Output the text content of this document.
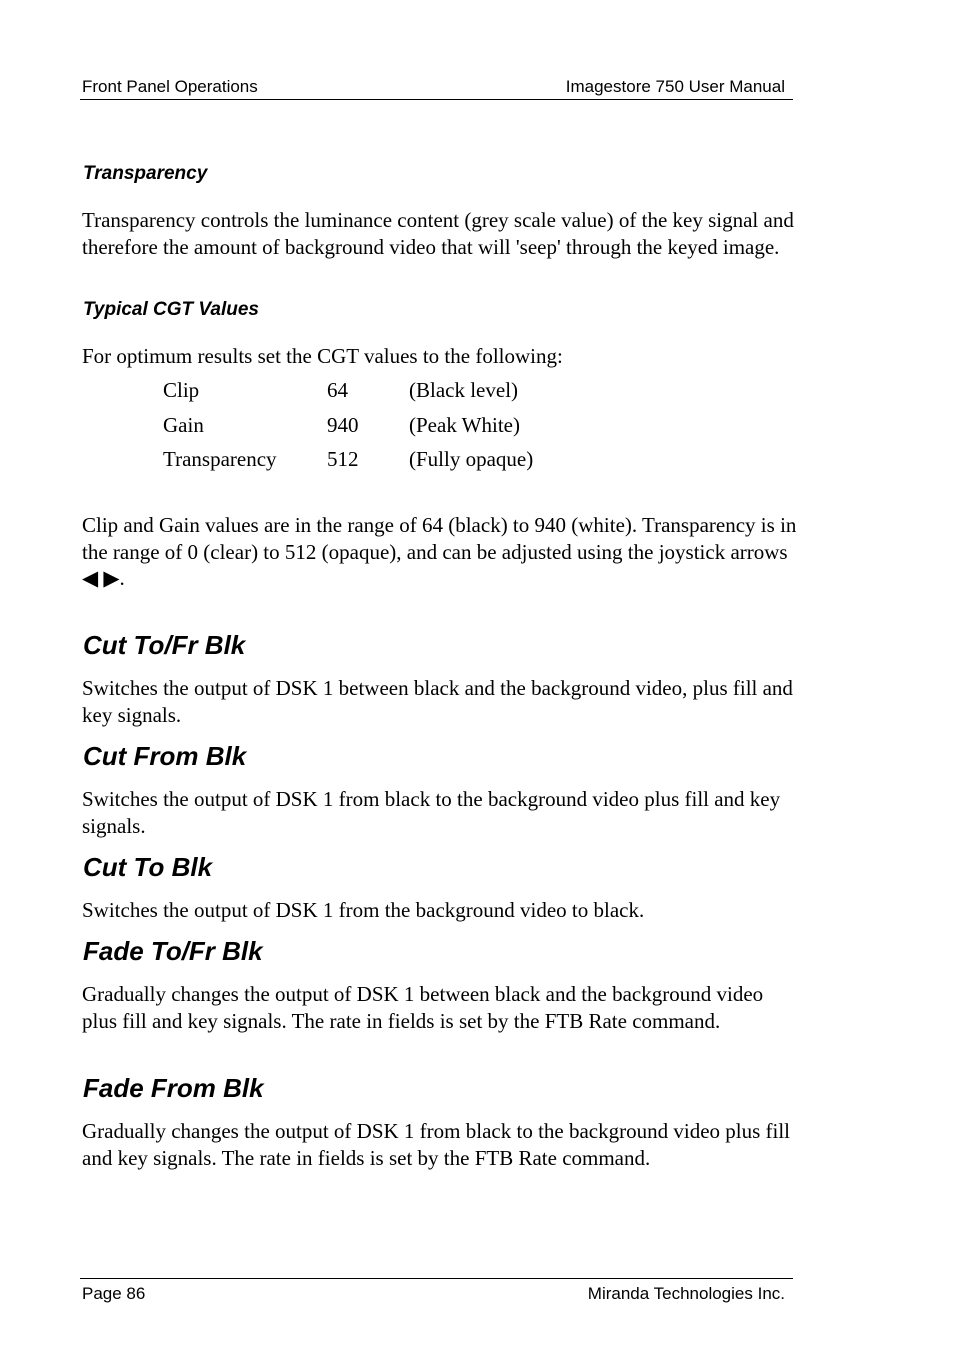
Front Panel Operations	Imagestore 750 User Manual
Transparency

Transparency controls the luminance content (grey scale value) of the key signal and therefore the amount of background video that will 'seep' through the keyed image.

Typical CGT Values

For optimum results set the CGT values to the following:

Clip	64	(Black level)
Gain	940 (Peak White)
Transparency 512 (Fully opaque)

Clip and Gain values are in the range of 64 (black) to 940 (white). Transparency is in the range of 0 (clear) to 512 (opaque), and can be adjusted using the joystick arrows ◀ ▶.

Cut To/Fr Blk

Switches the output of DSK 1 between black and the background video, plus fill and key signals.

Cut From Blk

Switches the output of DSK 1 from black to the background video plus fill and key signals.

Cut To Blk

Switches the output of DSK 1 from the background video to black.

Fade To/Fr Blk

Gradually changes the output of DSK 1 between black and the background video plus fill and key signals. The rate in fields is set by the FTB Rate command.

Fade From Blk

Gradually changes the output of DSK 1 from black to the background video plus fill and key signals. The rate in fields is set by the FTB Rate command.

Page 86	Miranda Technologies Inc.
